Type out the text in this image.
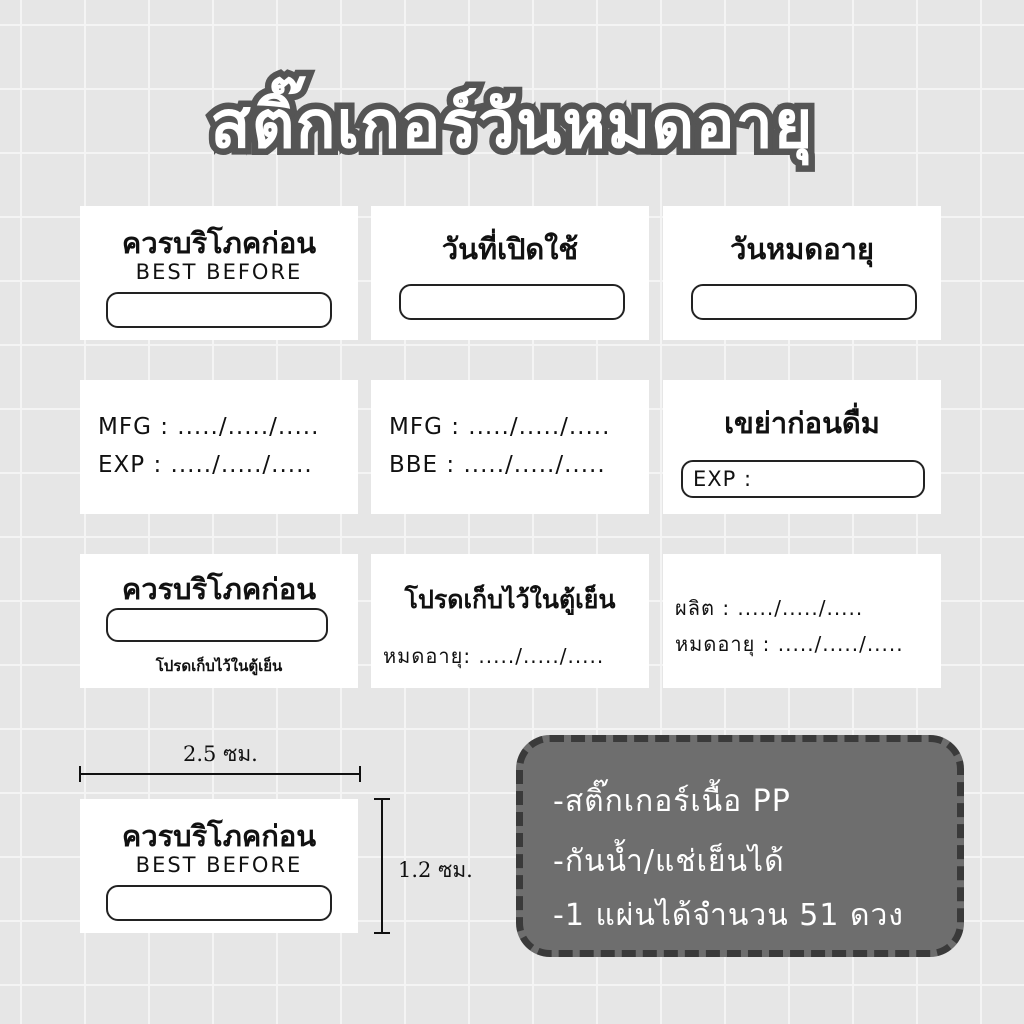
สติ๊กเกอร์วันหมดอายุ
ควรบริโภคก่อน
BEST BEFORE
วันที่เปิดใช้	วันหมดอายุ
MFG : ...../...../.....
EXP : ...../...../.....
MFG : ...../...../.....
BBE : ...../...../.....
เขย่าก่อนดื่ม
EXP :
ควรบริโภคก่อน
โปรดเก็บไว้ในตู้เย็น
โปรดเก็บไว้ในตู้เย็น
หมดอายุ: ...../...../.....
ผลิต : ...../...../.....
หมดอายุ : ...../...../.....
2.5 ซม.
ควรบริโภคก่อน
BEST BEFORE	1.2 ซม.
-สติ๊กเกอร์เนื้อ PP
-กันน้ำ/แช่เย็นได้
-1 แผ่นได้จำนวน 51 ดวง
